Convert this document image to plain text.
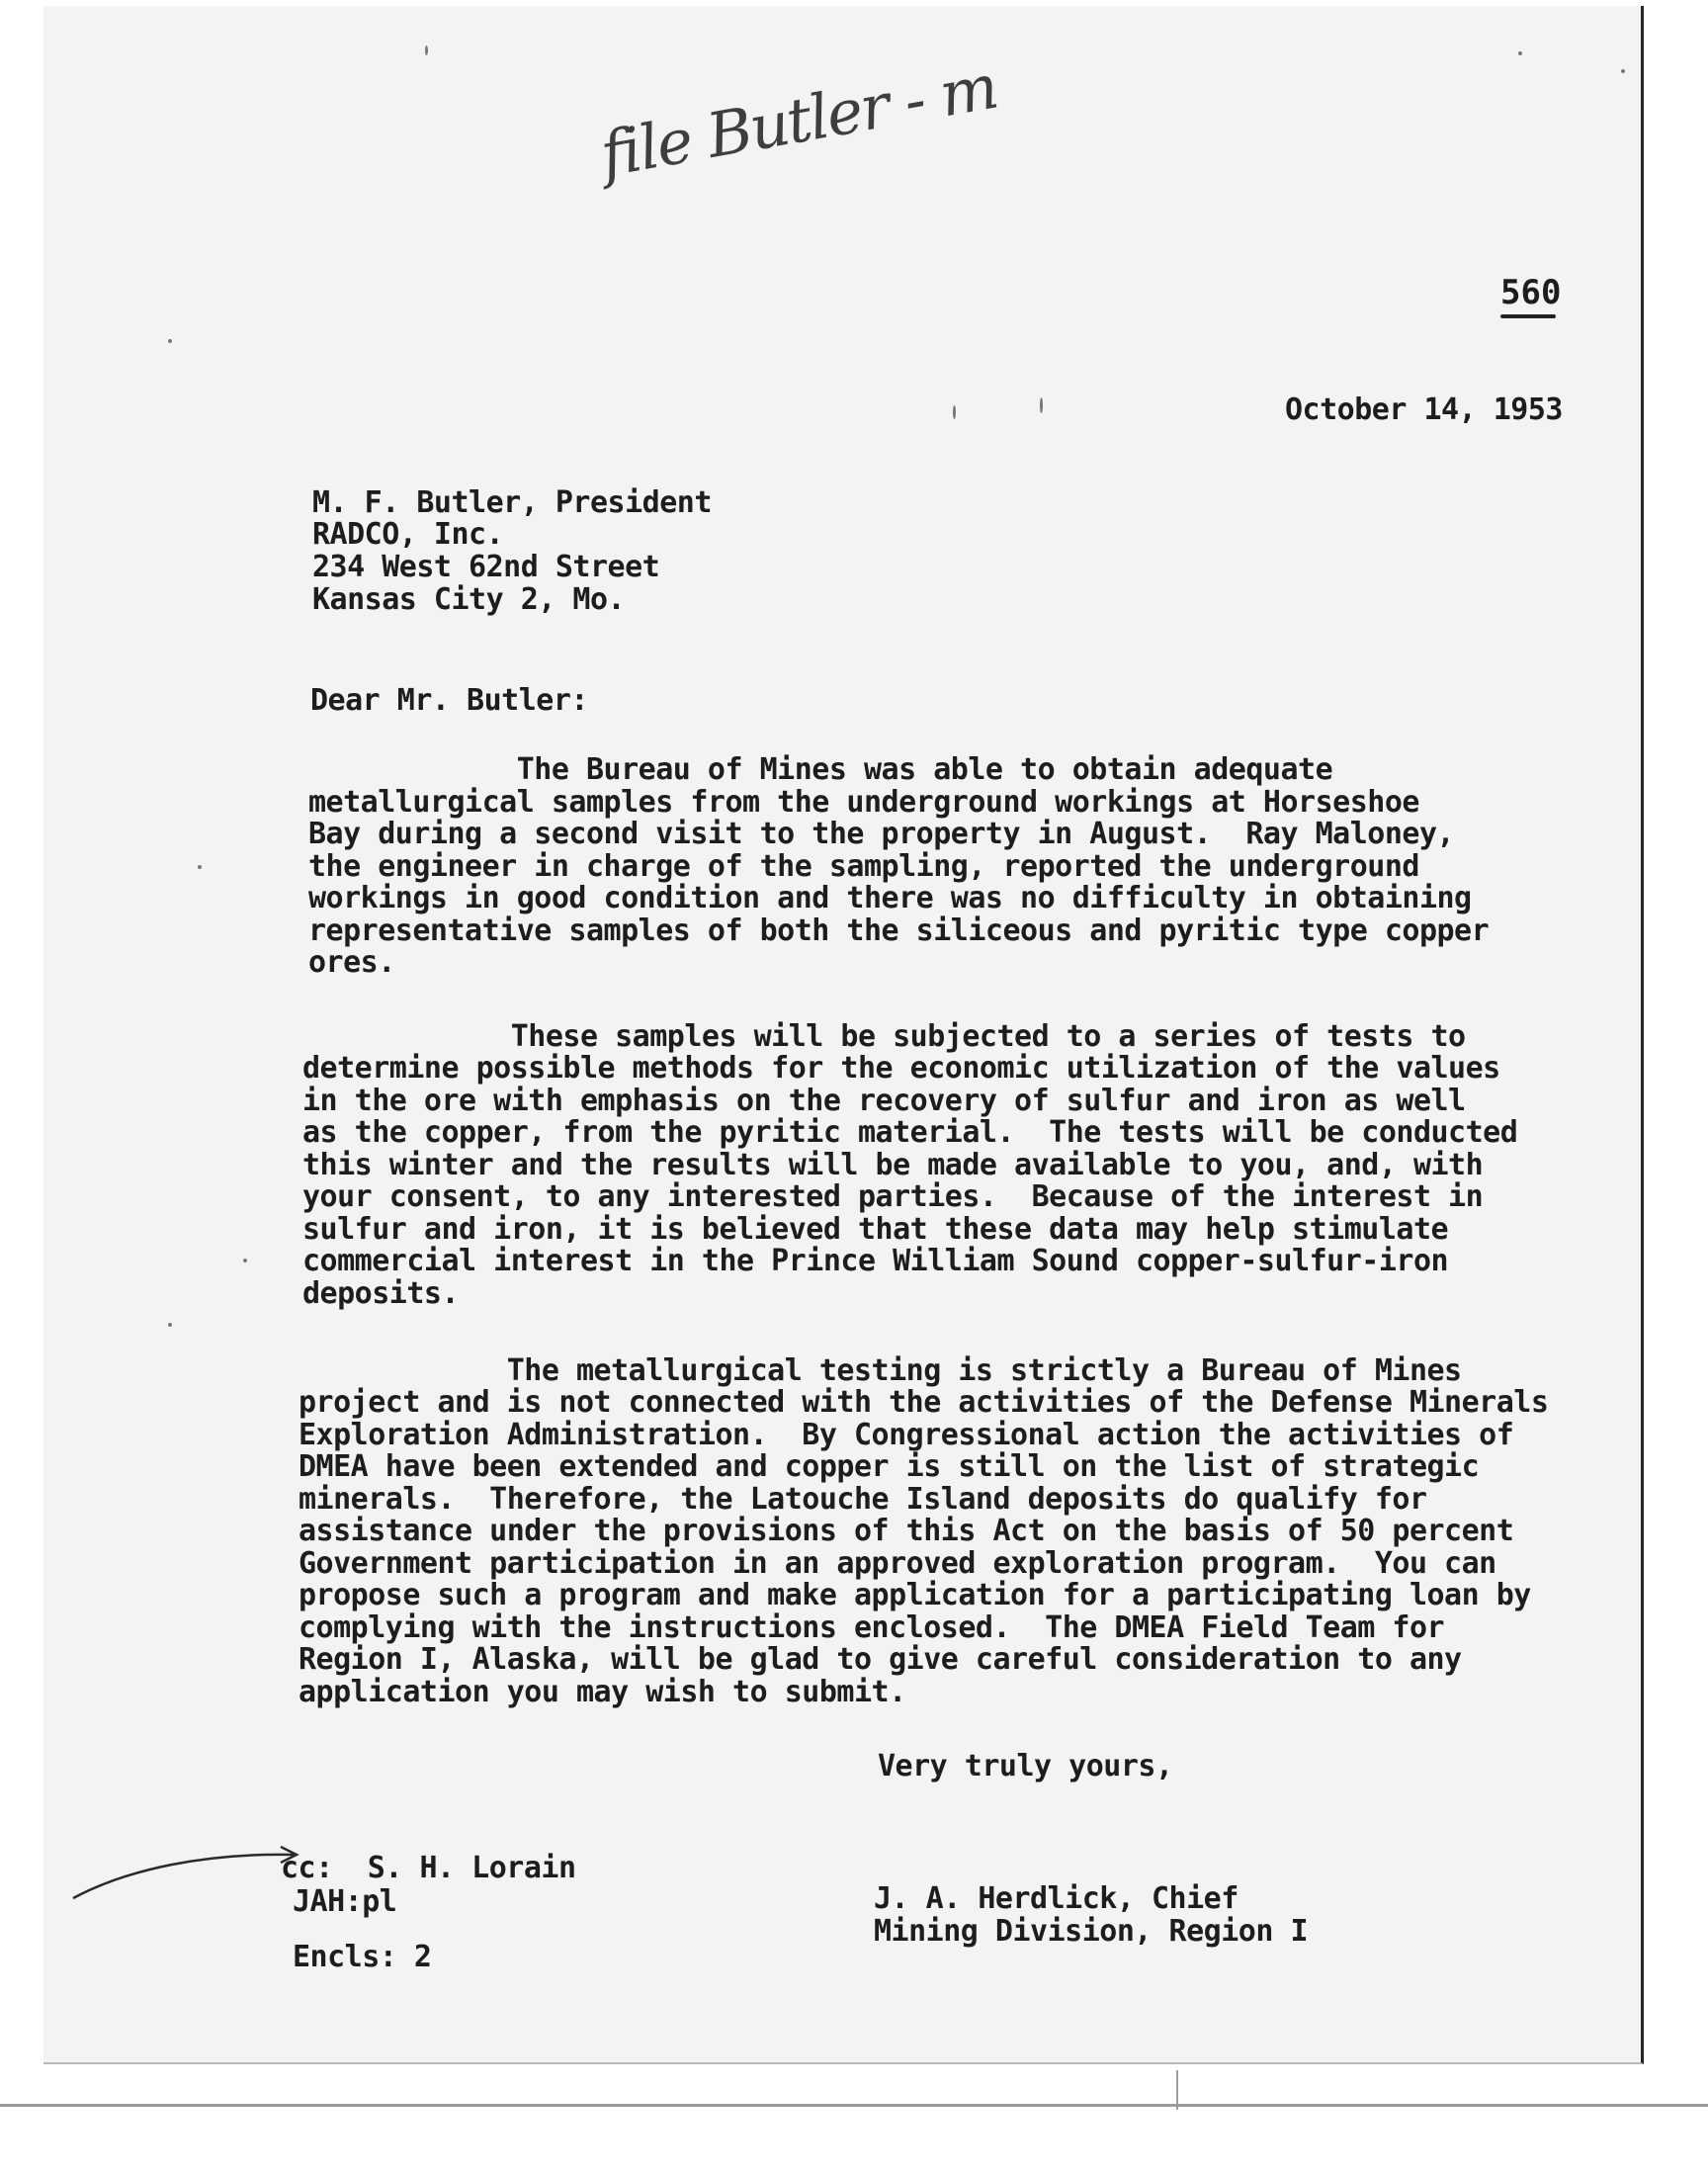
file Butler - m
560
October 14, 1953
M. F. Butler, President
RADCO, Inc.
234 West 62nd Street
Kansas City 2, Mo.
Dear Mr. Butler:
The Bureau of Mines was able to obtain adequate
metallurgical samples from the underground workings at Horseshoe
Bay during a second visit to the property in August.  Ray Maloney,
the engineer in charge of the sampling, reported the underground
workings in good condition and there was no difficulty in obtaining
representative samples of both the siliceous and pyritic type copper
ores.
These samples will be subjected to a series of tests to
determine possible methods for the economic utilization of the values
in the ore with emphasis on the recovery of sulfur and iron as well
as the copper, from the pyritic material.  The tests will be conducted
this winter and the results will be made available to you, and, with
your consent, to any interested parties.  Because of the interest in
sulfur and iron, it is believed that these data may help stimulate
commercial interest in the Prince William Sound copper-sulfur-iron
deposits.
The metallurgical testing is strictly a Bureau of Mines
project and is not connected with the activities of the Defense Minerals
Exploration Administration.  By Congressional action the activities of
DMEA have been extended and copper is still on the list of strategic
minerals.  Therefore, the Latouche Island deposits do qualify for
assistance under the provisions of this Act on the basis of 50 percent
Government participation in an approved exploration program.  You can
propose such a program and make application for a participating loan by
complying with the instructions enclosed.  The DMEA Field Team for
Region I, Alaska, will be glad to give careful consideration to any
application you may wish to submit.
Very truly yours,
cc:  S. H. Lorain
JAH:pl
Encls: 2
J. A. Herdlick, Chief
Mining Division, Region I
